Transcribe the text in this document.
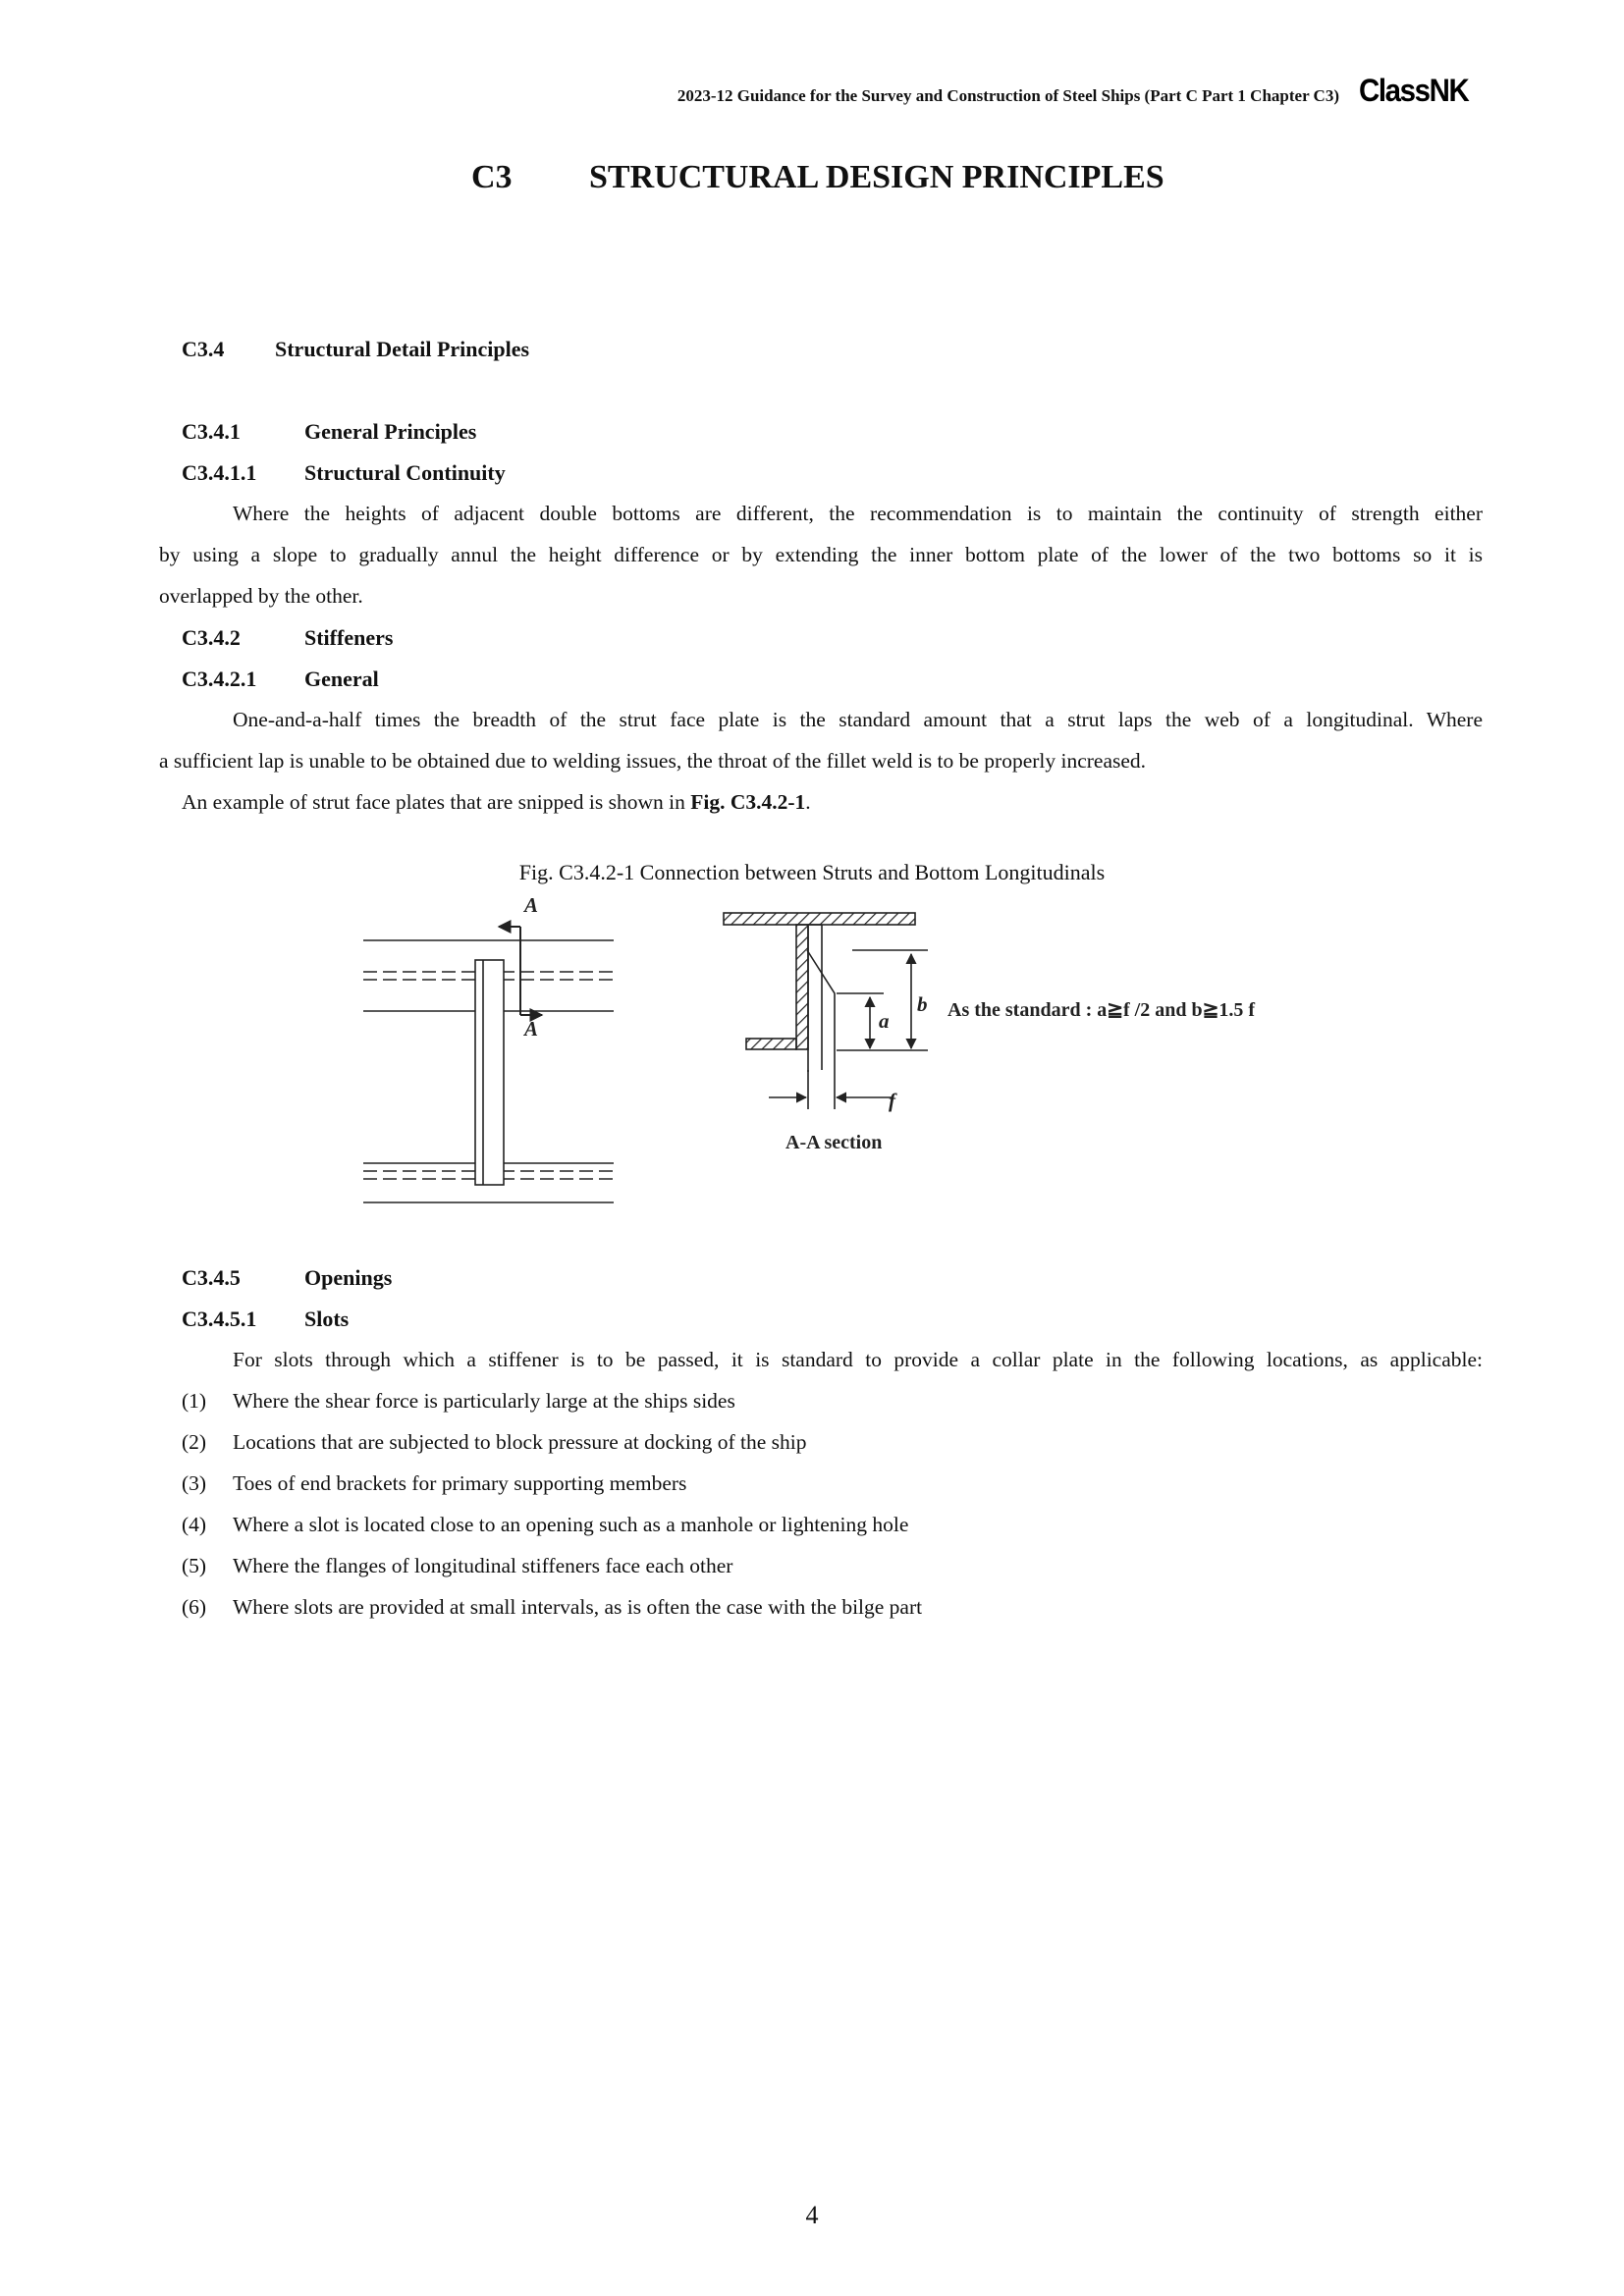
2023-12 Guidance for the Survey and Construction of Steel Ships (Part C Part 1 Chapter C3) ClassNK
C3 STRUCTURAL DESIGN PRINCIPLES
C3.4 Structural Detail Principles
C3.4.1	General Principles
C3.4.1.1 Structural Continuity
Where the heights of adjacent double bottoms are different, the recommendation is to maintain the continuity of strength either
by using a slope to gradually annul the height difference or by extending the inner bottom plate of the lower of the two bottoms so it is
overlapped by the other.
C3.4.2	Stiffeners
C3.4.2.1 General
One-and-a-half times the breadth of the strut face plate is the standard amount that a strut laps the web of a longitudinal. Where
a sufficient lap is unable to be obtained due to welding issues, the throat of the fillet weld is to be properly increased.
An example of strut face plates that are snipped is shown in Fig. C3.4.2-1.
Fig. C3.4.2-1 Connection between Struts and Bottom Longitudinals
A
A	a
b
f
A-A section
As the standard : a≧f /2 and b≧1.5 f
C3.4.5	Openings
C3.4.5.1 Slots
For slots through which a stiffener is to be passed, it is standard to provide a collar plate in the following locations, as applicable:
(1) Where the shear force is particularly large at the ships sides
(2) Locations that are subjected to block pressure at docking of the ship
(3) Toes of end brackets for primary supporting members
(4) Where a slot is located close to an opening such as a manhole or lightening hole
(5) Where the flanges of longitudinal stiffeners face each other
(6) Where slots are provided at small intervals, as is often the case with the bilge part
4
